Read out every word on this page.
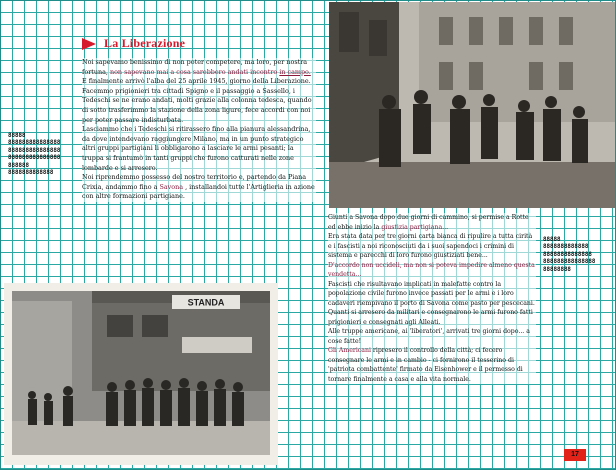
La Liberazione
88888
888888888888888
888888888888888
888888888888888
888888
8888888888888

Noi sapevamo benissimo di non poter competere, ma loro, per nostra fortuna, non sapevano mai a cosa sarebbero andati incontro in campo.

E finalmente arrivò l'alba del 25 aprile 1945, giorno della Liberazione.

Facemmo prigionieri tra cittadì Spigno e il passaggio a Sassello, i Tedeschi se ne erano andati, molti grazie alla colonna tedesca, quando di sotto trasferimmo la stazione della zona ligure, fece accordi con noi per poter passare indisturbata.

Lasciammo che i Tedeschi si ritirassero fino alla pianura alessandrina, da dove intendevano raggiungere Milano, ma in un punto strategico altri gruppi partigiani li obbligarono a lasciare le armi pesanti; la truppa si frantumò in tanti gruppi che furono catturati nelle zone lombarde e si arresero.

Noi riprendemmo possesso del nostro territorio e, partendo da Piana Crixia, andammo fino a Savona , installandoi tutte l'Artiglieria in azione con altre formazioni partigiane.

Giunti a Savona dopo due giorni di cammino, si permise a Rotte ed ebbe inizio la giustizia partigiana...

Era stata data per tre giorni carta bianca di ripulire a tutta cirità e i fascisti a noi riconosciuti da i suoi sapendoci i crimini di sistema e parecchi di loro furono giustiziati bene...

D'accordo non uccideli, ma non si poteva impedire almeno questa vendetta...

Fascisti che risultavano implicati in malefatte contro la popolazione civile furono invece passati per le armi e i loro cadaveri riempivano il porto di Savona come pasto per pescecani.

Quanti si arresero da militari e consegnarono le armi furono fatti prigionieri e consegnati agli Alleati.

Alle truppe americane, ai 'liberatori', arrivati tre giorni dopo... a cose fatte!

Gli Americani ripresero il controllo della città; ci fecero consegnare le armi e in cambio - ci fornirono il tesserino di 'patriota combattente' firmato da Eisenhower e il permesso di tornare finalmente a casa e alla vita normale.

88888
8888888888888
88888888888888
888888888888888
88888888
STANDA
17
